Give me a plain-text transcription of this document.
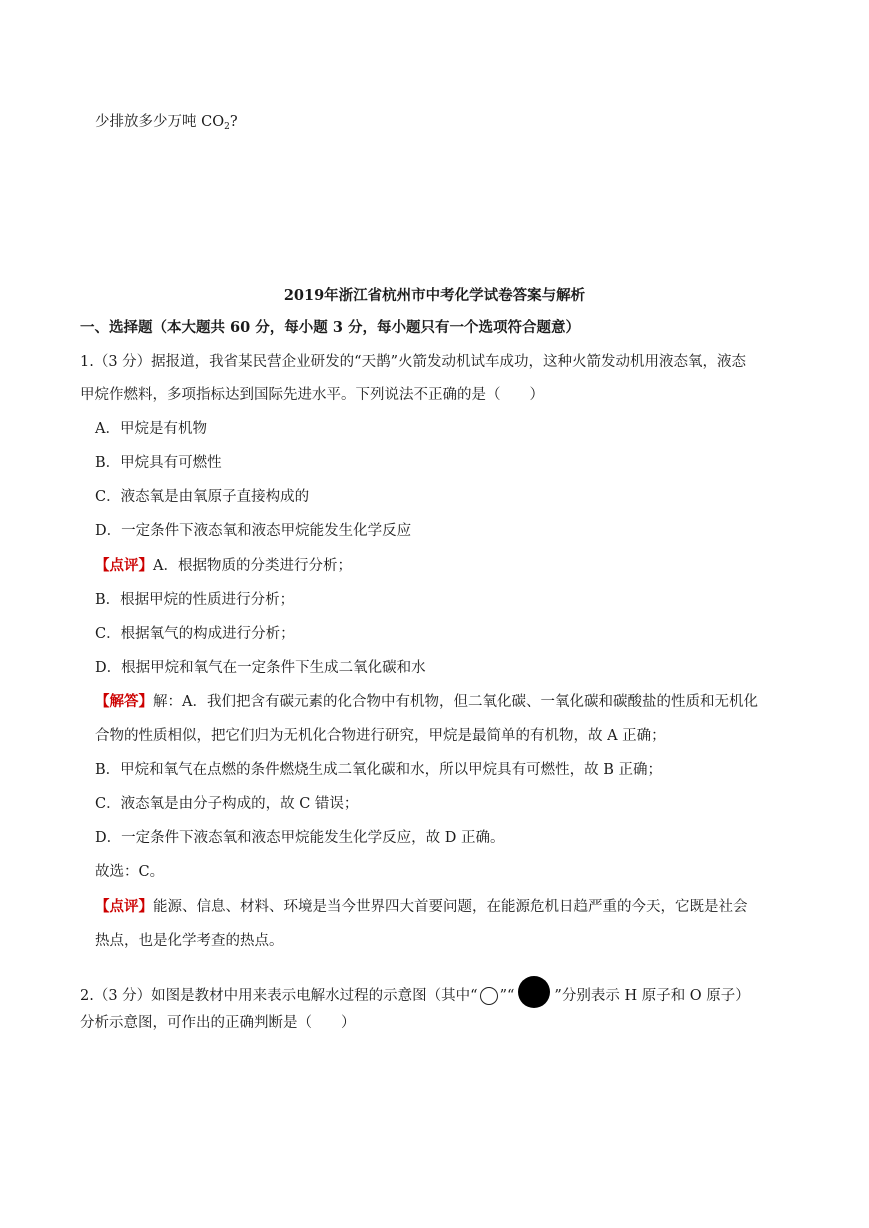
少排放多少万吨 $CO_2$?
2019年浙江省杭州市中考化学试卷答案与解析
一、选择题（本大题共 60 分，每小题 3 分，每小题只有一个选项符合题意）
1.（3 分）据报道，我省某民营企业研发的“天鹊”火箭发动机试车成功，这种火箭发动机用液态氧，液态
甲烷作燃料，多项指标达到国际先进水平。下列说法不正确的是（　　）
A．甲烷是有机物
B．甲烷具有可燃性
C．液态氧是由氧原子直接构成的
D．一定条件下液态氧和液态甲烷能发生化学反应
【点评】A．根据物质的分类进行分析；
B．根据甲烷的性质进行分析；
C．根据氧气的构成进行分析；
D．根据甲烷和氧气在一定条件下生成二氧化碳和水
【解答】解：A．我们把含有碳元素的化合物中有机物，但二氧化碳、一氧化碳和碳酸盐的性质和无机化
合物的性质相似，把它们归为无机化合物进行研究，甲烷是最简单的有机物，故 A 正确；
B．甲烷和氧气在点燃的条件燃烧生成二氧化碳和水，所以甲烷具有可燃性，故 B 正确；
C．液态氧是由分子构成的，故 C 错误；
D．一定条件下液态氧和液态甲烷能发生化学反应，故 D 正确。
故选：C。
【点评】能源、信息、材料、环境是当今世界四大首要问题，在能源危机日趋严重的今天，它既是社会
热点，也是化学考查的热点。
2.（3 分）如图是教材中用来表示电解水过程的示意图（其中“ ”“	”分别表示 H 原子和 O 原子）
分析示意图，可作出的正确判断是（　　）
